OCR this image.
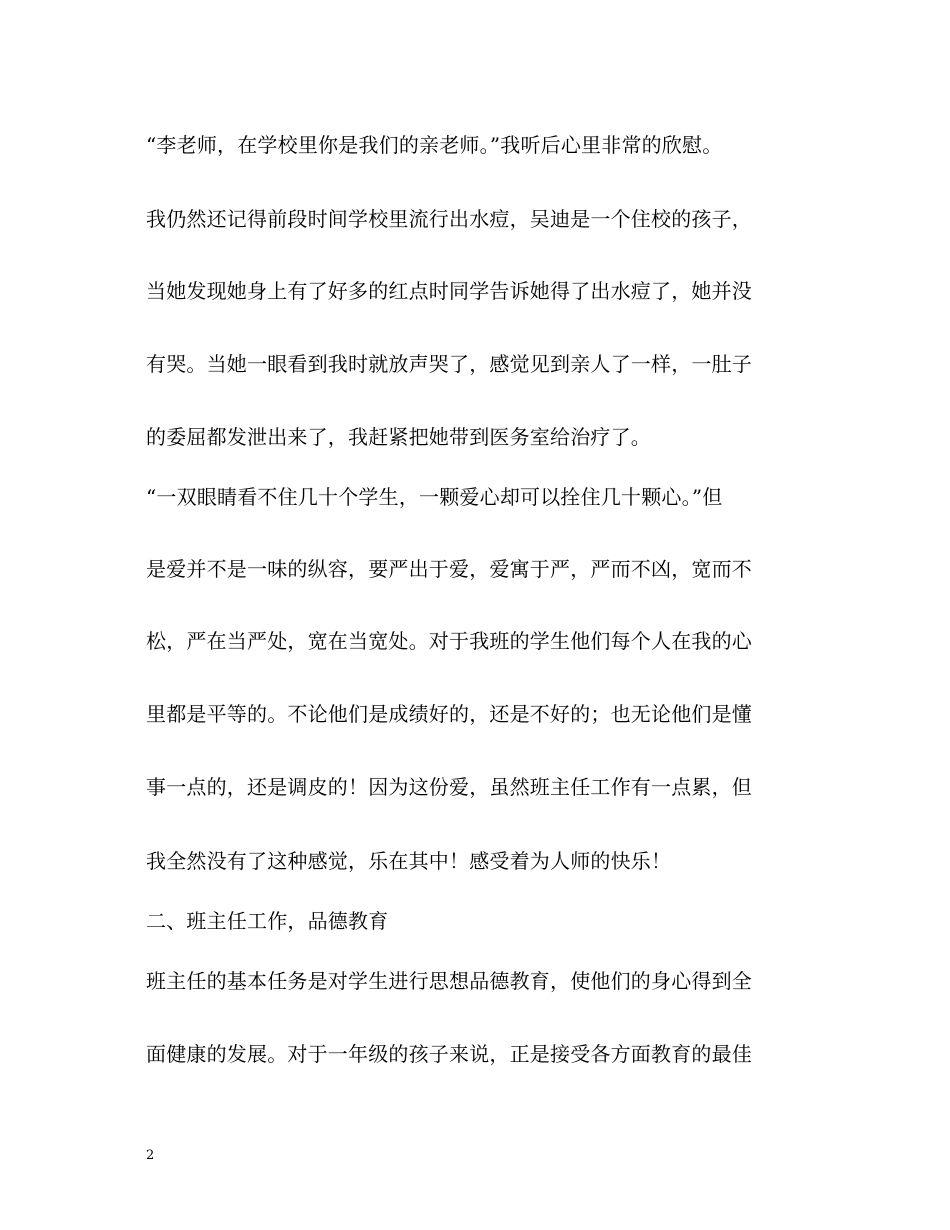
“李老师，在学校里你是我们的亲老师。”我听后心里非常的欣慰。
我仍然还记得前段时间学校里流行出水痘，吴迪是一个住校的孩子，
当她发现她身上有了好多的红点时同学告诉她得了出水痘了，她并没
有哭。当她一眼看到我时就放声哭了，感觉见到亲人了一样，一肚子
的委屈都发泄出来了，我赶紧把她带到医务室给治疗了。
“一双眼睛看不住几十个学生，一颗爱心却可以拴住几十颗心。”但
是爱并不是一味的纵容，要严出于爱，爱寓于严，严而不凶，宽而不
松，严在当严处，宽在当宽处。对于我班的学生他们每个人在我的心
里都是平等的。不论他们是成绩好的，还是不好的；也无论他们是懂
事一点的，还是调皮的！因为这份爱，虽然班主任工作有一点累，但
我全然没有了这种感觉，乐在其中！感受着为人师的快乐！
二、班主任工作，品德教育
班主任的基本任务是对学生进行思想品德教育，使他们的身心得到全
面健康的发展。对于一年级的孩子来说，正是接受各方面教育的最佳
2
